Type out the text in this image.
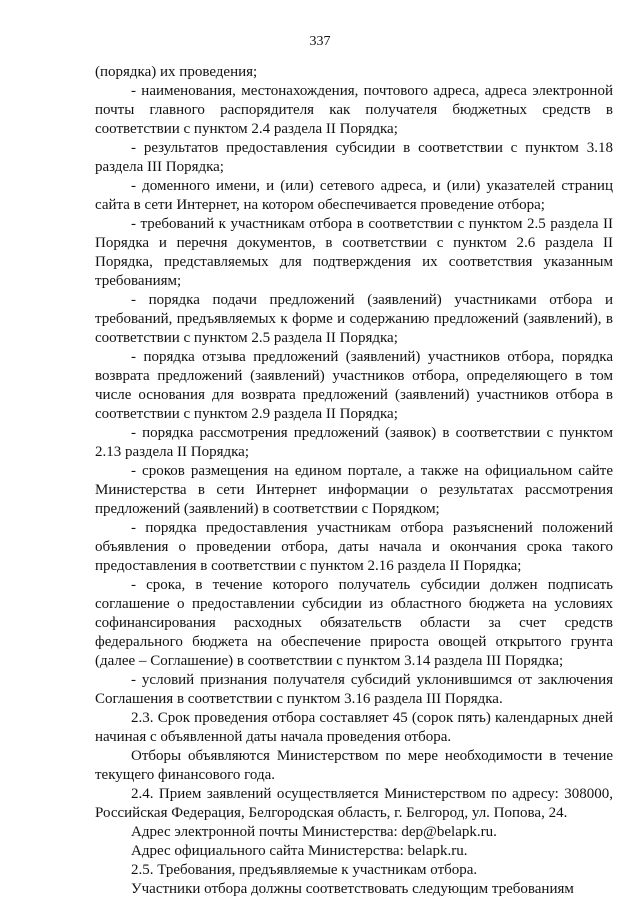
337

(порядка) их проведения;

- наименования, местонахождения, почтового адреса, адреса электронной почты главного распорядителя как получателя бюджетных средств в соответствии с пунктом 2.4 раздела II Порядка;

- результатов предоставления субсидии в соответствии с пунктом 3.18 раздела III Порядка;

- доменного имени, и (или) сетевого адреса, и (или) указателей страниц сайта в сети Интернет, на котором обеспечивается проведение отбора;

- требований к участникам отбора в соответствии с пунктом 2.5 раздела II Порядка и перечня документов, в соответствии с пунктом 2.6 раздела II Порядка, представляемых для подтверждения их соответствия указанным требованиям;

- порядка подачи предложений (заявлений) участниками отбора и требований, предъявляемых к форме и содержанию предложений (заявлений), в соответствии с пунктом 2.5 раздела II Порядка;

- порядка отзыва предложений (заявлений) участников отбора, порядка возврата предложений (заявлений) участников отбора, определяющего в том числе основания для возврата предложений (заявлений) участников отбора в соответствии с пунктом 2.9 раздела II Порядка;

- порядка рассмотрения предложений (заявок) в соответствии с пунктом 2.13 раздела II Порядка;

- сроков размещения на едином портале, а также на официальном сайте Министерства в сети Интернет информации о результатах рассмотрения предложений (заявлений) в соответствии с Порядком;

- порядка предоставления участникам отбора разъяснений положений объявления о проведении отбора, даты начала и окончания срока такого предоставления в соответствии с пунктом 2.16 раздела II Порядка;

- срока, в течение которого получатель субсидии должен подписать соглашение о предоставлении субсидии из областного бюджета на условиях софинансирования расходных обязательств области за счет средств федерального бюджета на обеспечение прироста овощей открытого грунта (далее – Соглашение) в соответствии с пунктом 3.14 раздела III Порядка;

- условий признания получателя субсидий уклонившимся от заключения Соглашения в соответствии с пунктом 3.16 раздела III Порядка.

2.3. Срок проведения отбора составляет 45 (сорок пять) календарных дней начиная с объявленной даты начала проведения отбора.

Отборы объявляются Министерством по мере необходимости в течение текущего финансового года.

2.4. Прием заявлений осуществляется Министерством по адресу: 308000, Российская Федерация, Белгородская область, г. Белгород, ул. Попова, 24.

Адрес электронной почты Министерства: dep@belapk.ru.

Адрес официального сайта Министерства: belapk.ru.

2.5. Требования, предъявляемые к участникам отбора.

Участники отбора должны соответствовать следующим требованиям
